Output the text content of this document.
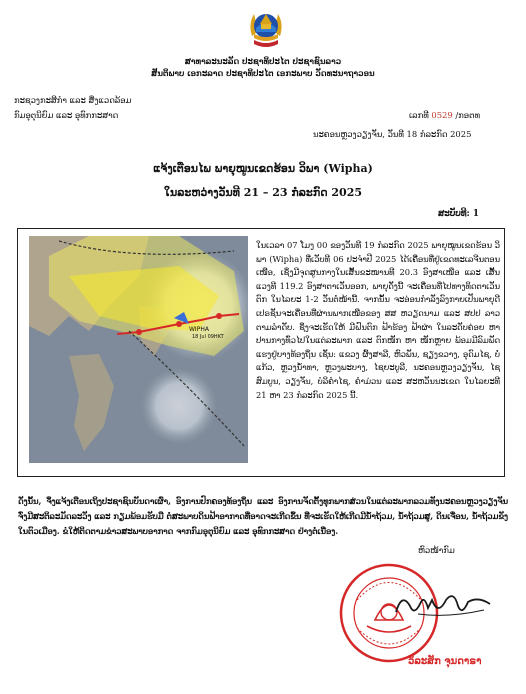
ສາທາລະນະລັດ ປະຊາທິປະໄຕ ປະຊາຊົນລາວ
ສັນຕິພາບ ເອກະລາດ ປະຊາທິປະໄຕ ເອກະພາບ ວັດທະນາຖາວອນ
ກະຊວງກະສິກຳ ແລະ ສິ່ງແວດລ້ອມ
ກົມອຸຕຸນິຍົມ ແລະ ອຸທົກກະສາດ	ເລກທີ 0529 /ກອຕທ
ນະຄອນຫຼວງວຽງຈັນ, ວັນທີ 18 ກໍລະກົດ 2025
ແຈ້ງເຕືອນໄພ ພາຍຸໝູນເຂດຮ້ອນ ວິພາ (Wipha)
ໃນລະຫວ່າງວັນທີ 21 – 23 ກໍລະກົດ 2025
ສະບັບທີ: 1
WIPHA
18 Jul 09HKT
ໃນເວລາ 07 ໂມງ 00 ຂອງວັນທີ 19 ກໍລະກົດ 2025 ພາຍຸໝູນເຂດຮ້ອນ ວິພາ (Wipha) ທີ່ເວັບທີ 06 ປະຈໍາປີ 2025 ໄດ້ເຄື່ອນທີ່ຢູ່ເຂດທະເລຈີນຕອນເໜືອ, ເຊິ່ງມີຈຸດສູນກາງໃນເສັ້ນຂະໜານທີ 20.3 ອົງສາເໜືອ ແລະ ເສັ້ນແວງທີ 119.2 ອົງສາຕາເວັນອອກ, ພາຍຸດັ່ງນີ້ ຈະເຄື່ອນທີ່ໄປທາງທິດຕາເວັນຕົກ ໃນໄລຍະ 1-2 ວັນຕໍ່ໜ້ານີ້. ຈາກນັ້ນ ຈະອ່ອນກຳລັງລົງກາຍເປັນພາຍຸດີເປຣຊັນຈະເຄື່ອນທີ່ຜ່ານພາກເໜືອຂອງ ສສ ຫວຽດນາມ ແລະ ສປປ ລາວ ຕາມລຳດັບ. ຊຶ່ງຈະເຮັດໃຫ້ ມີຝົນຕົກ ຟ້າຮ້ອງ ຟ້າຜ່າ ໃນລະດັບຄ່ອຍ ຫາ ປານກາງທົ່ວໄປໃນແຕ່ລະພາກ ແລະ ຕົກໜັກ ຫາ ໜັກຫຼາຍ ພ້ອມມີລົມພັດແຮງຢູ່ບາງທ້ອງຖິ່ນ ເຊັ່ນ: ແຂວງ ຜົ້ງສາລີ, ຫົວພັນ, ຊຽງຂວາງ, ອຸດົມໄຊ, ບໍ່ແກ້ວ, ຫຼວງນ້ຳທາ, ຫຼວງພະບາງ, ໄຊຍະບູລີ, ນະຄອນຫຼວງວຽງຈັນ, ໄຊສົມບູນ, ວຽງຈັນ, ບໍລິຄໍາໄຊ, ຄໍາມ່ວນ ແລະ ສະຫວັນນະເຂດ ໃນໄລຍະທີ 21 ຫາ 23 ກໍລະກົດ 2025 ນີ້.
ດັ່ງນັ້ນ, ຈຶ່ງແຈ້ງເຕືອນເຖິງປະຊາຊົນບັນດາເຜົ່າ, ອົງການປົກຄອງທ້ອງຖິ່ນ ແລະ ອົງການຈັດຕັ້ງທຸກພາກສ່ວນໃນແຕ່ລະພາກລວມທັງນະຄອນຫຼວງວຽງຈັນ ຈົ່ງມີສະຕິລະມັດລະວັງ ແລະ ກຽມພ້ອມຮັບມື ຕໍ່ສະພາບດິນຟ້າອາກາດທີ່ອາດຈະເກີດຂຶ້ນ ທີ່ຈະເຮັດໃຫ້ເກີດມີນ້ຳຖ້ວມ, ນ້ຳຖ້ວມສູ, ດິນເຈື່ອນ, ນ້ຳຖ້ວມຂັງໃນຕົວເມືອງ. ຂໍໃຫ້ຕິດຕາມຂ່າວສະພາບອາກາດ ຈາກກົມອຸຕຸນິຍົມ ແລະ ອຸທົກກະສາດ ຢ່າງຕໍ່ເນື່ອງ.
ຫົວໜ້າກົມ
ວິລະສັກ ຈຸນດາຣາ
